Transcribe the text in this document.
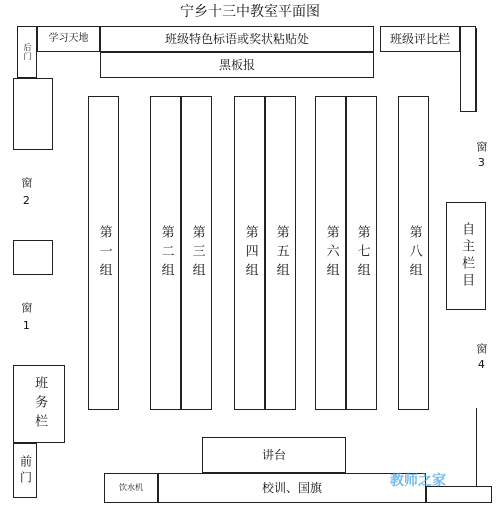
宁乡十三中教室平面图
后门
学习天地	班级特色标语或奖状粘贴处
黑板报
班级评比栏
窗2
窗1
班务栏
前门
窗3
自主栏目
窗4
第一组	第二组	第三组	第四组	第五组	第六组	第七组	第八组
讲台
饮水机	校训、国旗	教师之家
